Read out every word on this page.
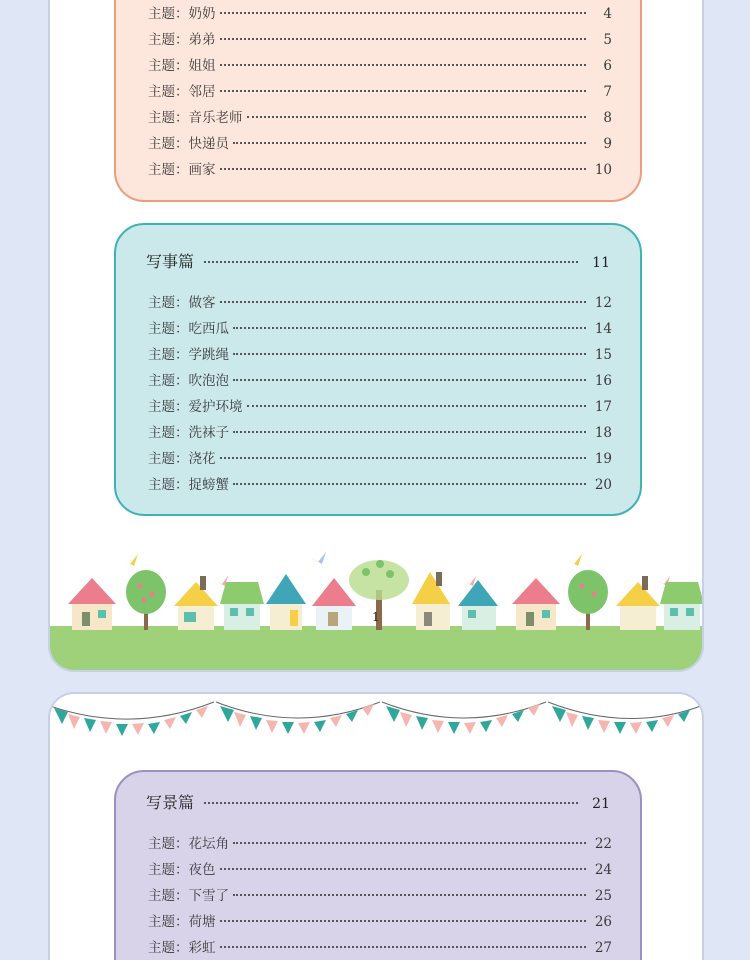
主题：奶奶	4
主题：弟弟	5
主题：姐姐	6
主题：邻居	7
主题：音乐老师	8
主题：快递员	9
主题：画家	10
写事篇	11
主题：做客	12
主题：吃西瓜	14
主题：学跳绳	15
主题：吹泡泡	16
主题：爱护环境	17
主题：洗袜子	18
主题：浇花	19
主题：捉螃蟹	20
1
写景篇	21
主题：花坛角	22
主题：夜色	24
主题：下雪了	25
主题：荷塘	26
主题：彩虹	27
